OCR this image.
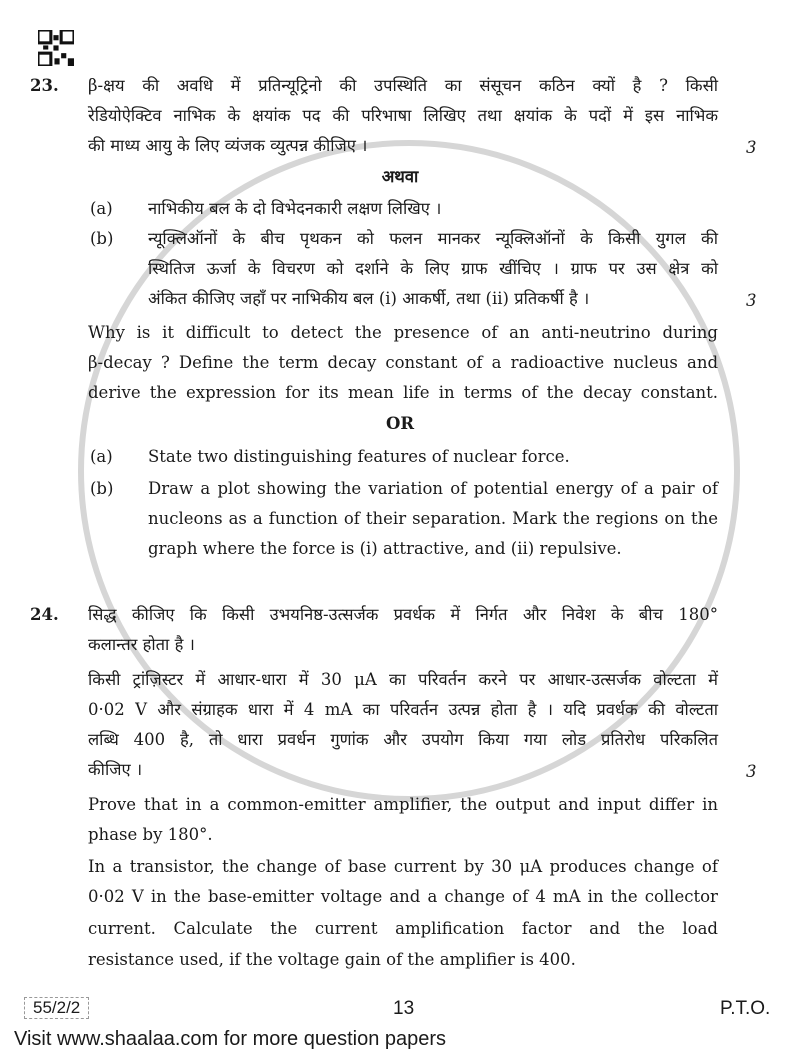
23. β-क्षय की अवधि में प्रतिन्यूट्रिनो की उपस्थिति का संसूचन कठिन क्यों है ? किसी
रेडियोऐक्टिव नाभिक के क्षयांक पद की परिभाषा लिखिए तथा क्षयांक के पदों में इस नाभिक
की माध्य आयु के लिए व्यंजक व्युत्पन्न कीजिए ।	3
अथवा
(a) नाभिकीय बल के दो विभेदनकारी लक्षण लिखिए ।
(b) न्यूक्लिऑनों के बीच पृथकन को फलन मानकर न्यूक्लिऑनों के किसी युगल की
स्थितिज ऊर्जा के विचरण को दर्शाने के लिए ग्राफ खींचिए । ग्राफ पर उस क्षेत्र को
अंकित कीजिए जहाँ पर नाभिकीय बल (i) आकर्षी, तथा (ii) प्रतिकर्षी है ।	3
Why is it difficult to detect the presence of an anti-neutrino during
β-decay ? Define the term decay constant of a radioactive nucleus and
derive the expression for its mean life in terms of the decay constant.
OR
(a) State two distinguishing features of nuclear force.
(b) Draw a plot showing the variation of potential energy of a pair of
nucleons as a function of their separation. Mark the regions on the
graph where the force is (i) attractive, and (ii) repulsive.
24. सिद्ध कीजिए कि किसी उभयनिष्ठ-उत्सर्जक प्रवर्धक में निर्गत और निवेश के बीच 180°
कलान्तर होता है ।
किसी ट्रांज़िस्टर में आधार-धारा में 30 μA का परिवर्तन करने पर आधार-उत्सर्जक वोल्टता में
0·02 V और संग्राहक धारा में 4 mA का परिवर्तन उत्पन्न होता है । यदि प्रवर्धक की वोल्टता
लब्धि 400 है, तो धारा प्रवर्धन गुणांक और उपयोग किया गया लोड प्रतिरोध परिकलित
कीजिए ।	3
Prove that in a common-emitter amplifier, the output and input differ in
phase by 180°.
In a transistor, the change of base current by 30 μA produces change of
0·02 V in the base-emitter voltage and a change of 4 mA in the collector
current. Calculate the current amplification factor and the load
resistance used, if the voltage gain of the amplifier is 400.
55/2/2	13	P.T.O.
Visit www.shaalaa.com for more question papers
